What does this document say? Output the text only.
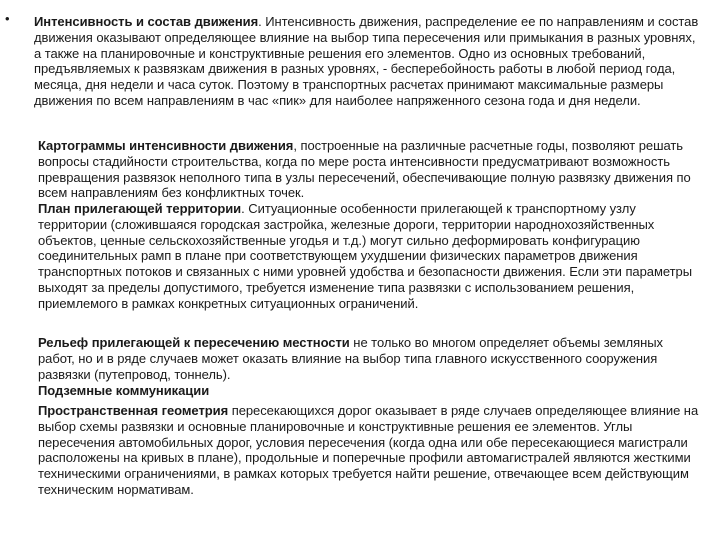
• Интенсивность и состав движения. Интенсивность движения, распределение ее по направлениям и состав движения оказывают определяющее влияние на выбор типа пересечения или примыкания в разных уровнях, а также на планировочные и конструктивные решения его элементов. Одно из основных требований, предъявляемых к развязкам движения в разных уровнях, - бесперебойность работы в любой период года, месяца, дня недели и часа суток. Поэтому в транспортных расчетах принимают максимальные размеры движения по всем направлениям в час «пик» для наиболее напряженного сезона года и дня недели.

Картограммы интенсивности движения, построенные на различные расчетные годы, позволяют решать вопросы стадийности строительства, когда по мере роста интенсивности предусматривают возможность превращения развязок неполного типа в узлы пересечений, обеспечивающие полную развязку движения по всем направлениям без конфликтных точек.

План прилегающей территории. Ситуационные особенности прилегающей к транспортному узлу территории (сложившаяся городская застройка, железные дороги, территории народнохозяйственных объектов, ценные сельскохозяйственные угодья и т.д.) могут сильно деформировать конфигурацию соединительных рамп в плане при соответствующем ухудшении физических параметров движения транспортных потоков и связанных с ними уровней удобства и безопасности движения. Если эти параметры выходят за пределы допустимого, требуется изменение типа развязки с использованием решения, приемлемого в рамках конкретных ситуационных ограничений.

Рельеф прилегающей к пересечению местности не только во многом определяет объемы земляных работ, но и в ряде случаев может оказать влияние на выбор типа главного искусственного сооружения развязки (путепровод, тоннель).

Подземные коммуникации

Пространственная геометрия пересекающихся дорог оказывает в ряде случаев определяющее влияние на выбор схемы развязки и основные планировочные и конструктивные решения ее элементов. Углы пересечения автомобильных дорог, условия пересечения (когда одна или обе пересекающиеся магистрали расположены на кривых в плане), продольные и поперечные профили автомагистралей являются жесткими техническими ограничениями, в рамках которых требуется найти решение, отвечающее всем действующим техническим нормативам.
